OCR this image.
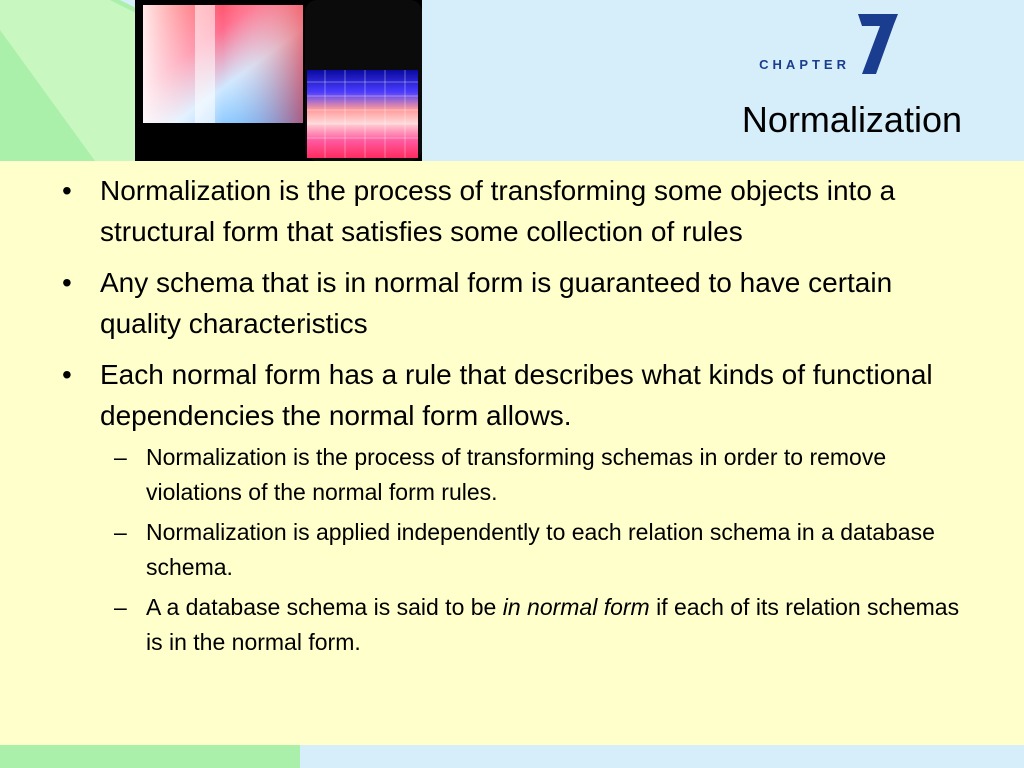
CHAPTER
Normalization
•	Normalization is the process of transforming some objects into a structural form that satisfies some collection of rules
•	Any schema that is in normal form is guaranteed to have certain quality characteristics
•	Each normal form has a rule that describes what kinds of functional dependencies the normal form allows.
– Normalization is the process of transforming schemas in order to remove violations of the normal form rules.
– Normalization is applied independently to each relation schema in a database schema.
– A a database schema is said to be in normal form if each of its relation schemas is in the normal form.
